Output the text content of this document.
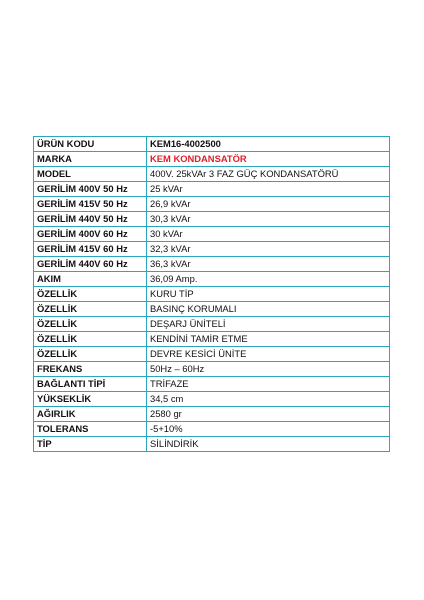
ÜRÜN KODU	KEM16-4002500
MARKA	KEM KONDANSATÖR
MODEL	400V. 25kVAr 3 FAZ GÜÇ KONDANSATÖRÜ
GERİLİM 400V 50 Hz	25 kVAr
GERİLİM 415V 50 Hz	26,9 kVAr
GERİLİM 440V 50 Hz	30,3 kVAr
GERİLİM 400V 60 Hz	30 kVAr
GERİLİM 415V 60 Hz	32,3 kVAr
GERİLİM 440V 60 Hz	36,3 kVAr
AKIM	36,09 Amp.
ÖZELLİK	KURU TİP
ÖZELLİK	BASINÇ KORUMALI
ÖZELLİK	DEŞARJ ÜNİTELİ
ÖZELLİK	KENDİNİ TAMİR ETME
ÖZELLİK	DEVRE KESİCİ ÜNİTE
FREKANS	50Hz – 60Hz
BAĞLANTI TİPİ	TRİFAZE
YÜKSEKLİK	34,5 cm
AĞIRLIK	2580 gr
TOLERANS	-5+10%
TİP	SİLİNDİRİK
